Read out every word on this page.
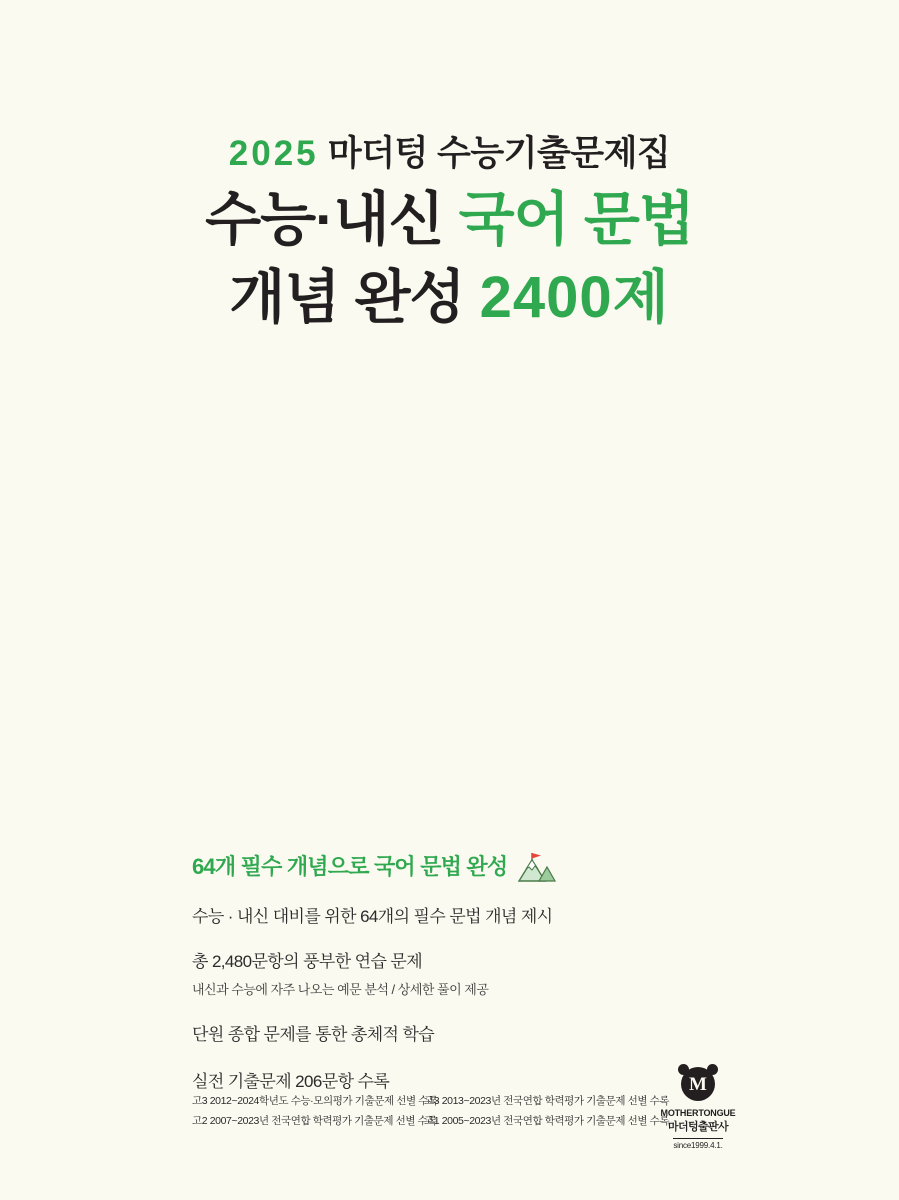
2025 마더텅 수능기출문제집
수능·내신 국어 문법
개념 완성 2400제
64개 필수 개념으로 국어 문법 완성
수능 · 내신 대비를 위한 64개의 필수 문법 개념 제시
총 2,480문항의 풍부한 연습 문제
내신과 수능에 자주 나오는 예문 분석 / 상세한 풀이 제공
단원 종합 문제를 통한 총체적 학습
실전 기출문제 206문항 수록
고3 2012~2024학년도 수능·모의평가 기출문제 선별 수록
고3 2013~2023년 전국연합 학력평가 기출문제 선별 수록
고2 2007~2023년 전국연합 학력평가 기출문제 선별 수록
고1 2005~2023년 전국연합 학력평가 기출문제 선별 수록
M
MOTHERTONGUE
마더텅출판사
since1999.4.1.
